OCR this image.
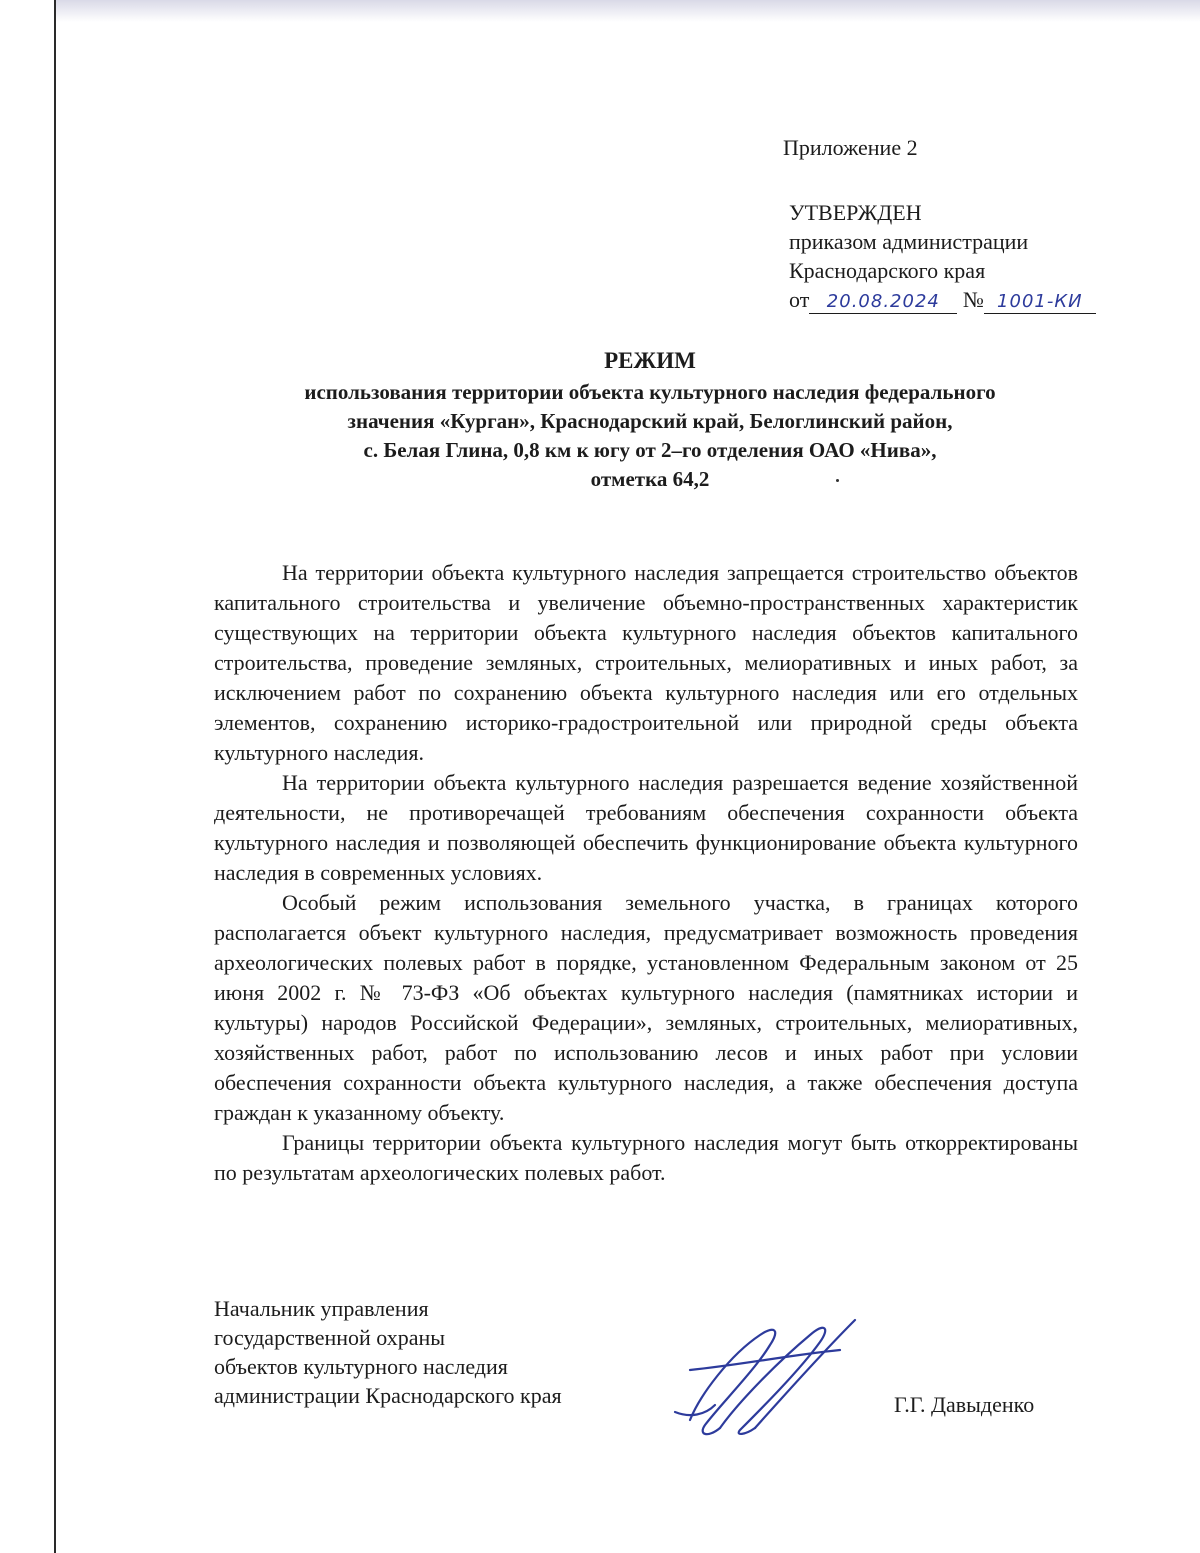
Приложение 2
УТВЕРЖДЕН
приказом администрации
Краснодарского края
от 20.08.2024 № 1001-КИ
РЕЖИМ
использования территории объекта культурного наследия федерального
значения «Курган», Краснодарский край, Белоглинский район,
с. Белая Глина, 0,8 км к югу от 2–го отделения ОАО «Нива»,
отметка 64,2

На территории объекта культурного наследия запрещается строительство объектов капитального строительства и увеличение объемно-пространственных характеристик существующих на территории объекта культурного наследия объектов капитального строительства, проведение земляных, строительных, мелиоративных и иных работ, за исключением работ по сохранению объекта культурного наследия или его отдельных элементов, сохранению историко-градостроительной или природной среды объекта культурного наследия.

На территории объекта культурного наследия разрешается ведение хозяйственной деятельности, не противоречащей требованиям обеспечения сохранности объекта культурного наследия и позволяющей обеспечить функционирование объекта культурного наследия в современных условиях.

Особый режим использования земельного участка, в границах которого располагается объект культурного наследия, предусматривает возможность проведения археологических полевых работ в порядке, установленном Федеральным законом от 25 июня 2002 г. № 73-ФЗ «Об объектах культурного наследия (памятниках истории и культуры) народов Российской Федерации», земляных, строительных, мелиоративных, хозяйственных работ, работ по использованию лесов и иных работ при условии обеспечения сохранности объекта культурного наследия, а также обеспечения доступа граждан к указанному объекту.

Границы территории объекта культурного наследия могут быть откорректированы по результатам археологических полевых работ.

Начальник управления
государственной охраны
объектов культурного наследия
администрации Краснодарского края	Г.Г. Давыденко
